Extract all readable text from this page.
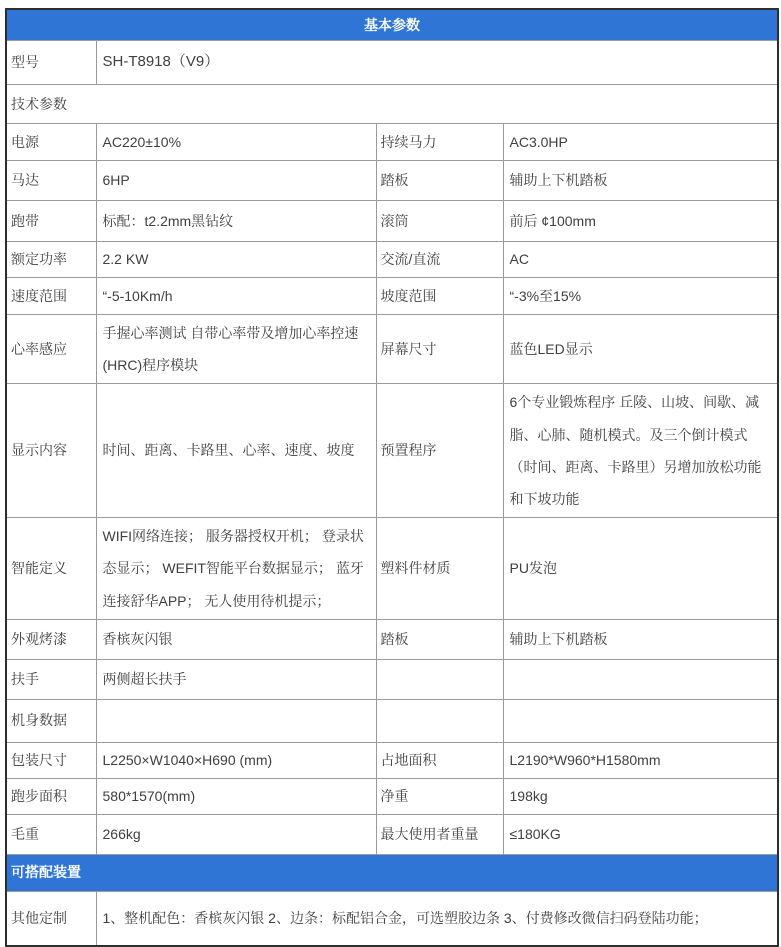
基本参数			
型号	SH-T8918（V9）		
技术参数			
电源	AC220±10%	持续马力	AC3.0HP
马达	6HP	踏板	辅助上下机踏板
跑带	标配：t2.2mm黑钻纹	滚筒	前后 ¢100mm
额定功率	2.2 KW	交流/直流	AC
速度范围	“-5-10Km/h	坡度范围	“-3%至15%
心率感应	手握心率测试 自带心率带及增加心率控速(HRC)程序模块	屏幕尺寸	蓝色LED显示
显示内容	时间、距离、卡路里、心率、速度、坡度	预置程序	6个专业锻炼程序 丘陵、山坡、间歇、减脂、心肺、随机模式。及三个倒计模式（时间、距离、卡路里）另增加放松功能和下坡功能
智能定义	WIFI网络连接； 服务器授权开机； 登录状态显示； WEFIT智能平台数据显示； 蓝牙连接舒华APP； 无人使用待机提示；	塑料件材质	PU发泡
外观烤漆	香槟灰闪银	踏板	辅助上下机踏板
扶手	两侧超长扶手		
机身数据			
包装尺寸	L2250×W1040×H690 (mm)	占地面积	L2190*W960*H1580mm
跑步面积	580*1570(mm)	净重	198kg
毛重	266kg	最大使用者重量	≤180KG
可搭配装置			
其他定制	1、整机配色：香槟灰闪银 2、边条：标配铝合金，可选塑胶边条 3、付费修改微信扫码登陆功能；		
